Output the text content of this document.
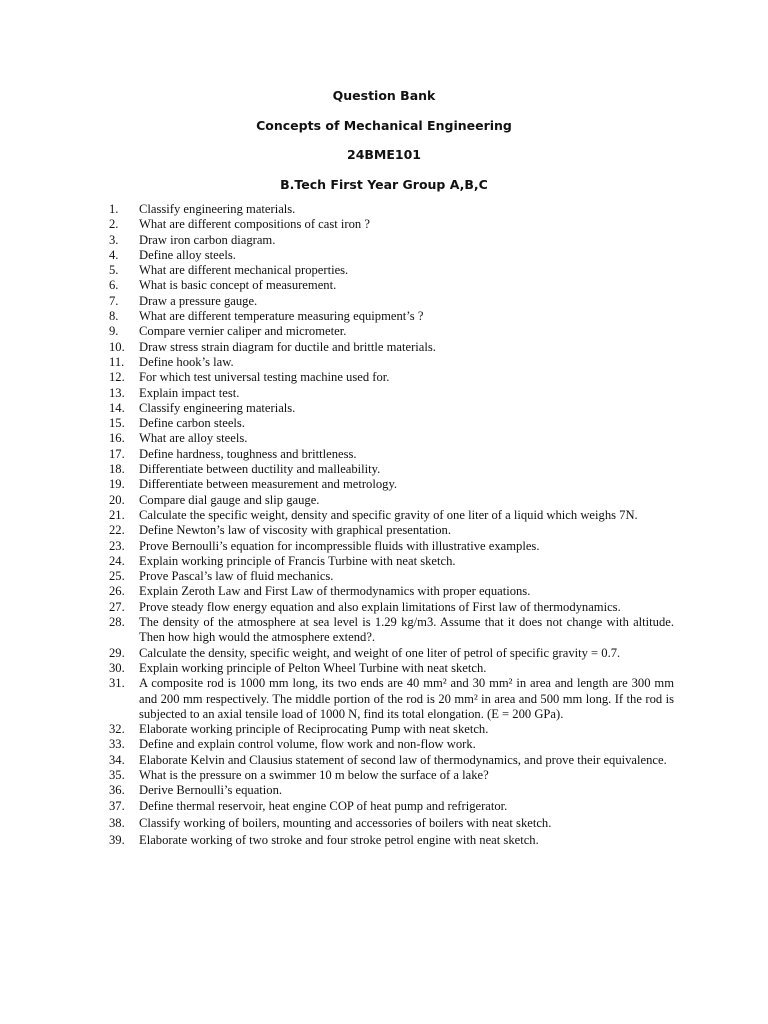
Question Bank
Concepts of Mechanical Engineering
24BME101
B.Tech First Year Group A,B,C
1.	Classify engineering materials.
2.	What are different compositions of cast iron ?
3.	Draw iron carbon diagram.
4.	Define alloy steels.
5.	What are different mechanical properties.
6.	What is basic concept of measurement.
7.	Draw a pressure gauge.
8.	What are different temperature measuring equipment’s ?
9.	Compare vernier caliper and micrometer.
10.	Draw stress strain diagram for ductile and brittle materials.
11.	Define hook’s law.
12.	For which test universal testing machine used for.
13.	Explain impact test.
14.	Classify engineering materials.
15.	Define carbon steels.
16.	What are alloy steels.
17.	Define hardness, toughness and brittleness.
18.	Differentiate between ductility and malleability.
19.	Differentiate between measurement and metrology.
20.	Compare dial gauge and slip gauge.
21.	Calculate the specific weight, density and specific gravity of one liter of a liquid which weighs 7N.
22.	Define Newton’s law of viscosity with graphical presentation.
23.	Prove Bernoulli’s equation for incompressible fluids with illustrative examples.
24.	Explain working principle of Francis Turbine with neat sketch.
25.	Prove Pascal’s law of fluid mechanics.
26.	Explain Zeroth Law and First Law of thermodynamics with proper equations.
27.	Prove steady flow energy equation and also explain limitations of First law of thermodynamics.
28.	The density of the atmosphere at sea level is 1.29 kg/m3. Assume that it does not change with altitude. Then how high would the atmosphere extend?.
29.	Calculate the density, specific weight, and weight of one liter of petrol of specific gravity = 0.7.
30.	Explain working principle of Pelton Wheel Turbine with neat sketch.
31.	A composite rod is 1000 mm long, its two ends are 40 mm² and 30 mm² in area and length are 300 mm and 200 mm respectively. The middle portion of the rod is 20 mm² in area and 500 mm long. If the rod is subjected to an axial tensile load of 1000 N, find its total elongation. (E = 200 GPa).
32.	Elaborate working principle of Reciprocating Pump with neat sketch.
33.	Define and explain control volume, flow work and non-flow work.
34.	Elaborate Kelvin and Clausius statement of second law of thermodynamics, and prove their equivalence.
35.	What is the pressure on a swimmer 10 m below the surface of a lake?
36.	Derive Bernoulli’s equation.
37.	Define thermal reservoir, heat engine COP of heat pump and refrigerator.
38.	Classify working of boilers, mounting and accessories of boilers with neat sketch.
39.	Elaborate working of two stroke and four stroke petrol engine with neat sketch.
